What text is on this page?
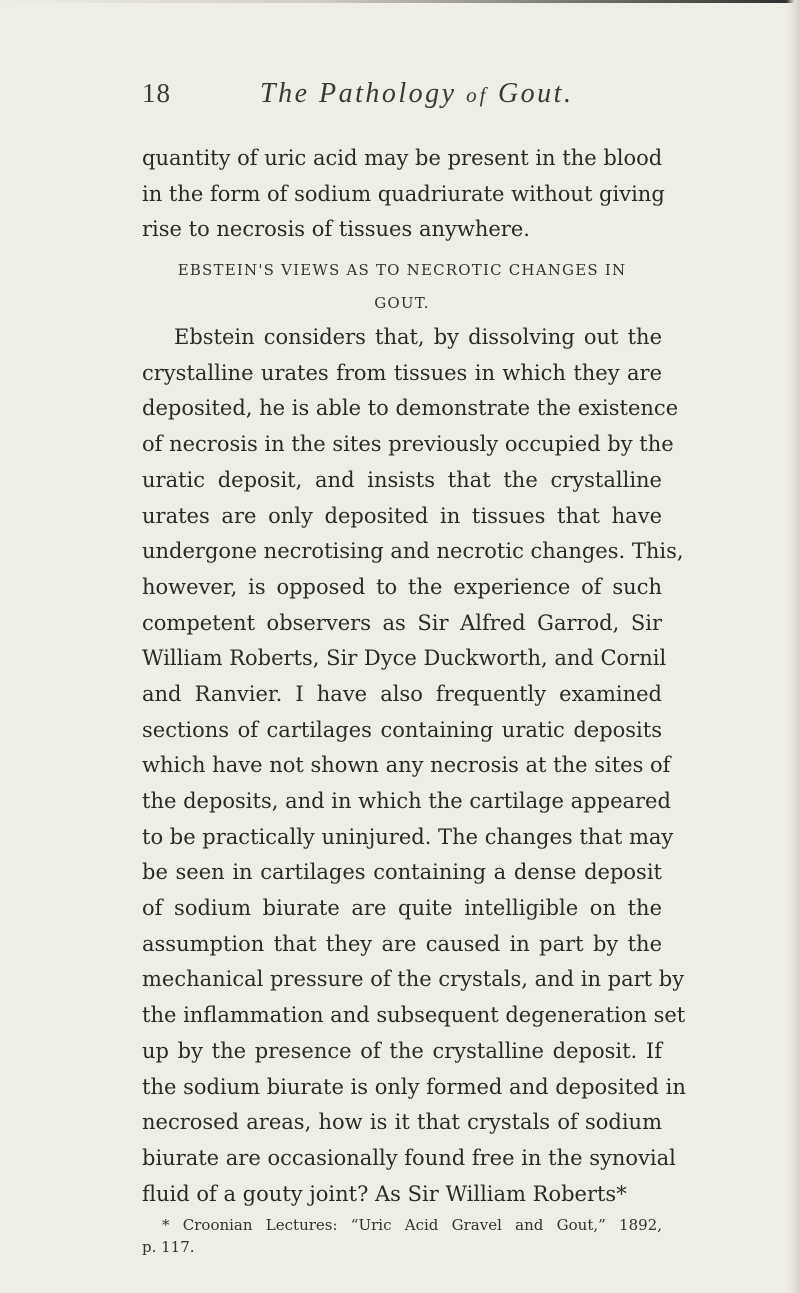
18	The Pathology of Gout.
quantity of uric acid may be present in the blood
in the form of sodium quadriurate without giving
rise to necrosis of tissues anywhere.
EBSTEIN'S VIEWS AS TO NECROTIC CHANGES IN
GOUT.
Ebstein considers that, by dissolving out the
crystalline urates from tissues in which they are
deposited, he is able to demonstrate the existence
of necrosis in the sites previously occupied by the
uratic deposit, and insists that the crystalline
urates are only deposited in tissues that have
undergone necrotising and necrotic changes. This,
however, is opposed to the experience of such
competent observers as Sir Alfred Garrod, Sir
William Roberts, Sir Dyce Duckworth, and Cornil
and Ranvier. I have also frequently examined
sections of cartilages containing uratic deposits
which have not shown any necrosis at the sites of
the deposits, and in which the cartilage appeared
to be practically uninjured. The changes that may
be seen in cartilages containing a dense deposit
of sodium biurate are quite intelligible on the
assumption that they are caused in part by the
mechanical pressure of the crystals, and in part by
the inflammation and subsequent degeneration set
up by the presence of the crystalline deposit. If
the sodium biurate is only formed and deposited in
necrosed areas, how is it that crystals of sodium
biurate are occasionally found free in the synovial
fluid of a gouty joint? As Sir William Roberts*
* Croonian Lectures: “Uric Acid Gravel and Gout,” 1892,
p. 117.
